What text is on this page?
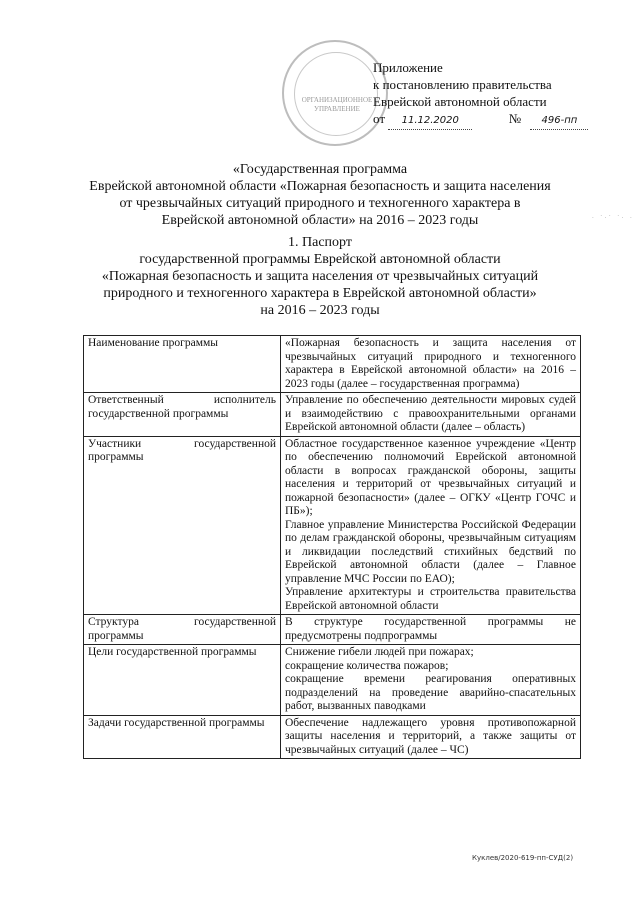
ОРГАНИЗАЦИОННОЕ УПРАВЛЕНИЕ
Приложение
к постановлению правительства
Еврейской автономной области
от 11.12.2020	№ 496-пп
«Государственная программа
Еврейской автономной области «Пожарная безопасность и защита населения
от чрезвычайных ситуаций природного и техногенного характера в
Еврейской автономной области» на 2016 – 2023 годы	. ·.· ·. .
1. Паспорт
государственной программы Еврейской автономной области
«Пожарная безопасность и защита населения от чрезвычайных ситуаций
природного и техногенного характера в Еврейской автономной области»
на 2016 – 2023 годы
Наименование программы	«Пожарная безопасность и защита населения от чрезвычайных ситуаций природного и техногенного характера в Еврейской автономной области» на 2016 – 2023 годы (далее – государственная программа)

Ответственный исполнитель государственной программы	Управление по обеспечению деятельности мировых судей и взаимодействию с правоохранительными органами Еврейской автономной области (далее – область)

Участники государственной программы	Областное государственное казенное учреждение «Центр по обеспечению полномочий Еврейской автономной области в вопросах гражданской обороны, защиты населения и территорий от чрезвычайных ситуаций и пожарной безопасности» (далее – ОГКУ «Центр ГОЧС и ПБ»);
Главное управление Министерства Российской Федерации по делам гражданской обороны, чрезвычайным ситуациям и ликвидации последствий стихийных бедствий по Еврейской автономной области (далее – Главное управление МЧС России по ЕАО);
Управление архитектуры и строительства правительства Еврейской автономной области

Структура государственной программы	В структуре государственной программы не предусмотрены подпрограммы

Цели государственной программы	Снижение гибели людей при пожарах;
сокращение количества пожаров;
сокращение времени реагирования оперативных подразделений на проведение аварийно-спасательных работ, вызванных паводками

Задачи государственной программы	Обеспечение надлежащего уровня противопожарной защиты населения и территорий, а также защиты от чрезвычайных ситуаций (далее – ЧС)
Куклев/2020-619-пп-СУД(2)
